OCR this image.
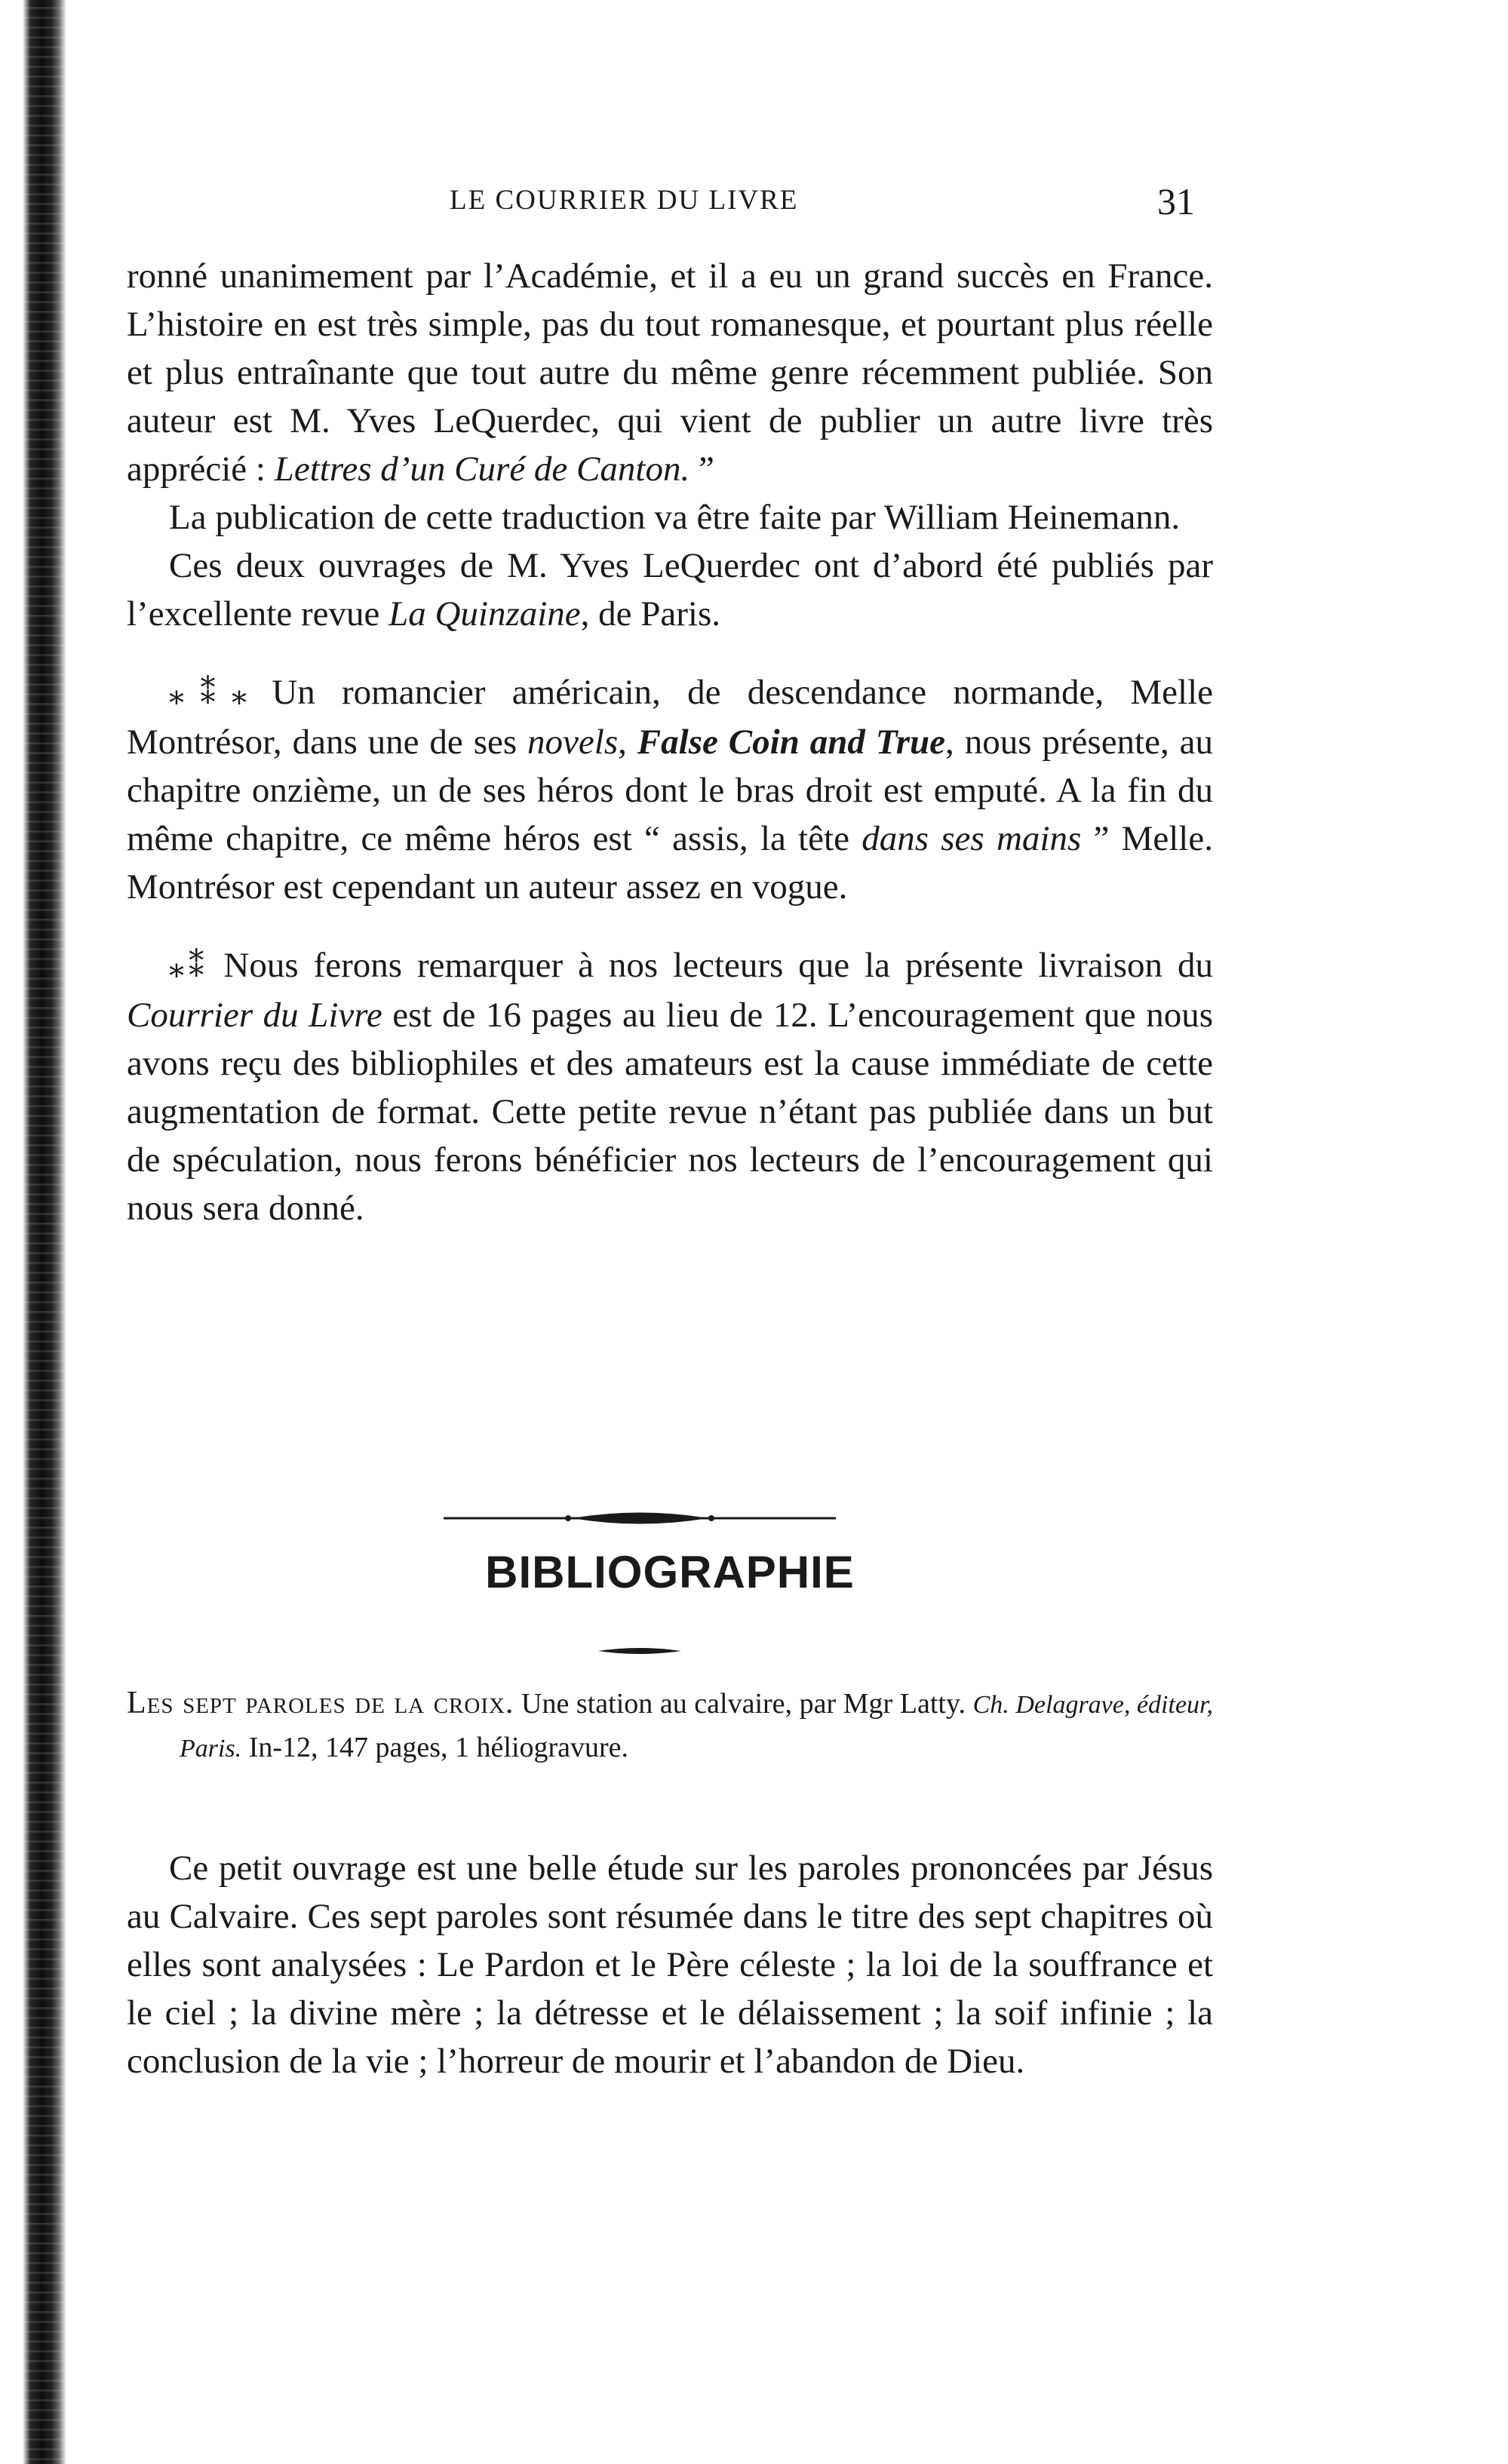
LE COURRIER DU LIVRE	31

ronné unanimement par l’Académie, et il a eu un grand succès en France. L’histoire en est très simple, pas du tout romanesque, et pourtant plus réelle et plus entraînante que tout autre du même genre récemment publiée. Son auteur est M. Yves LeQuerdec, qui vient de publier un autre livre très apprécié : Lettres d’un Curé de Canton. ”

La publication de cette traduction va être faite par William Heinemann.

Ces deux ouvrages de M. Yves LeQuerdec ont d’abord été publiés par l’excellente revue La Quinzaine, de Paris.

⁎⁑⁎ Un romancier américain, de descendance normande, Melle Montrésor, dans une de ses novels, False Coin and True, nous présente, au chapitre onzième, un de ses héros dont le bras droit est emputé. A la fin du même chapitre, ce même héros est “ assis, la tête dans ses mains ” Melle. Montrésor est cependant un auteur assez en vogue.

⁎⁑ Nous ferons remarquer à nos lecteurs que la présente livraison du Courrier du Livre est de 16 pages au lieu de 12. L’encouragement que nous avons reçu des bibliophiles et des amateurs est la cause immédiate de cette augmentation de format. Cette petite revue n’étant pas publiée dans un but de spéculation, nous ferons bénéficier nos lecteurs de l’encouragement qui nous sera donné.

BIBLIOGRAPHIE
Les sept paroles de la croix. Une station au calvaire, par Mgr Latty. Ch. Delagrave, éditeur, Paris. In-12, 147 pages, 1 héliogravure.

Ce petit ouvrage est une belle étude sur les paroles prononcées par Jésus au Calvaire. Ces sept paroles sont résumée dans le titre des sept chapitres où elles sont analysées : Le Pardon et le Père céleste ; la loi de la souffrance et le ciel ; la divine mère ; la détresse et le délaissement ; la soif infinie ; la conclusion de la vie ; l’horreur de mourir et l’abandon de Dieu.
